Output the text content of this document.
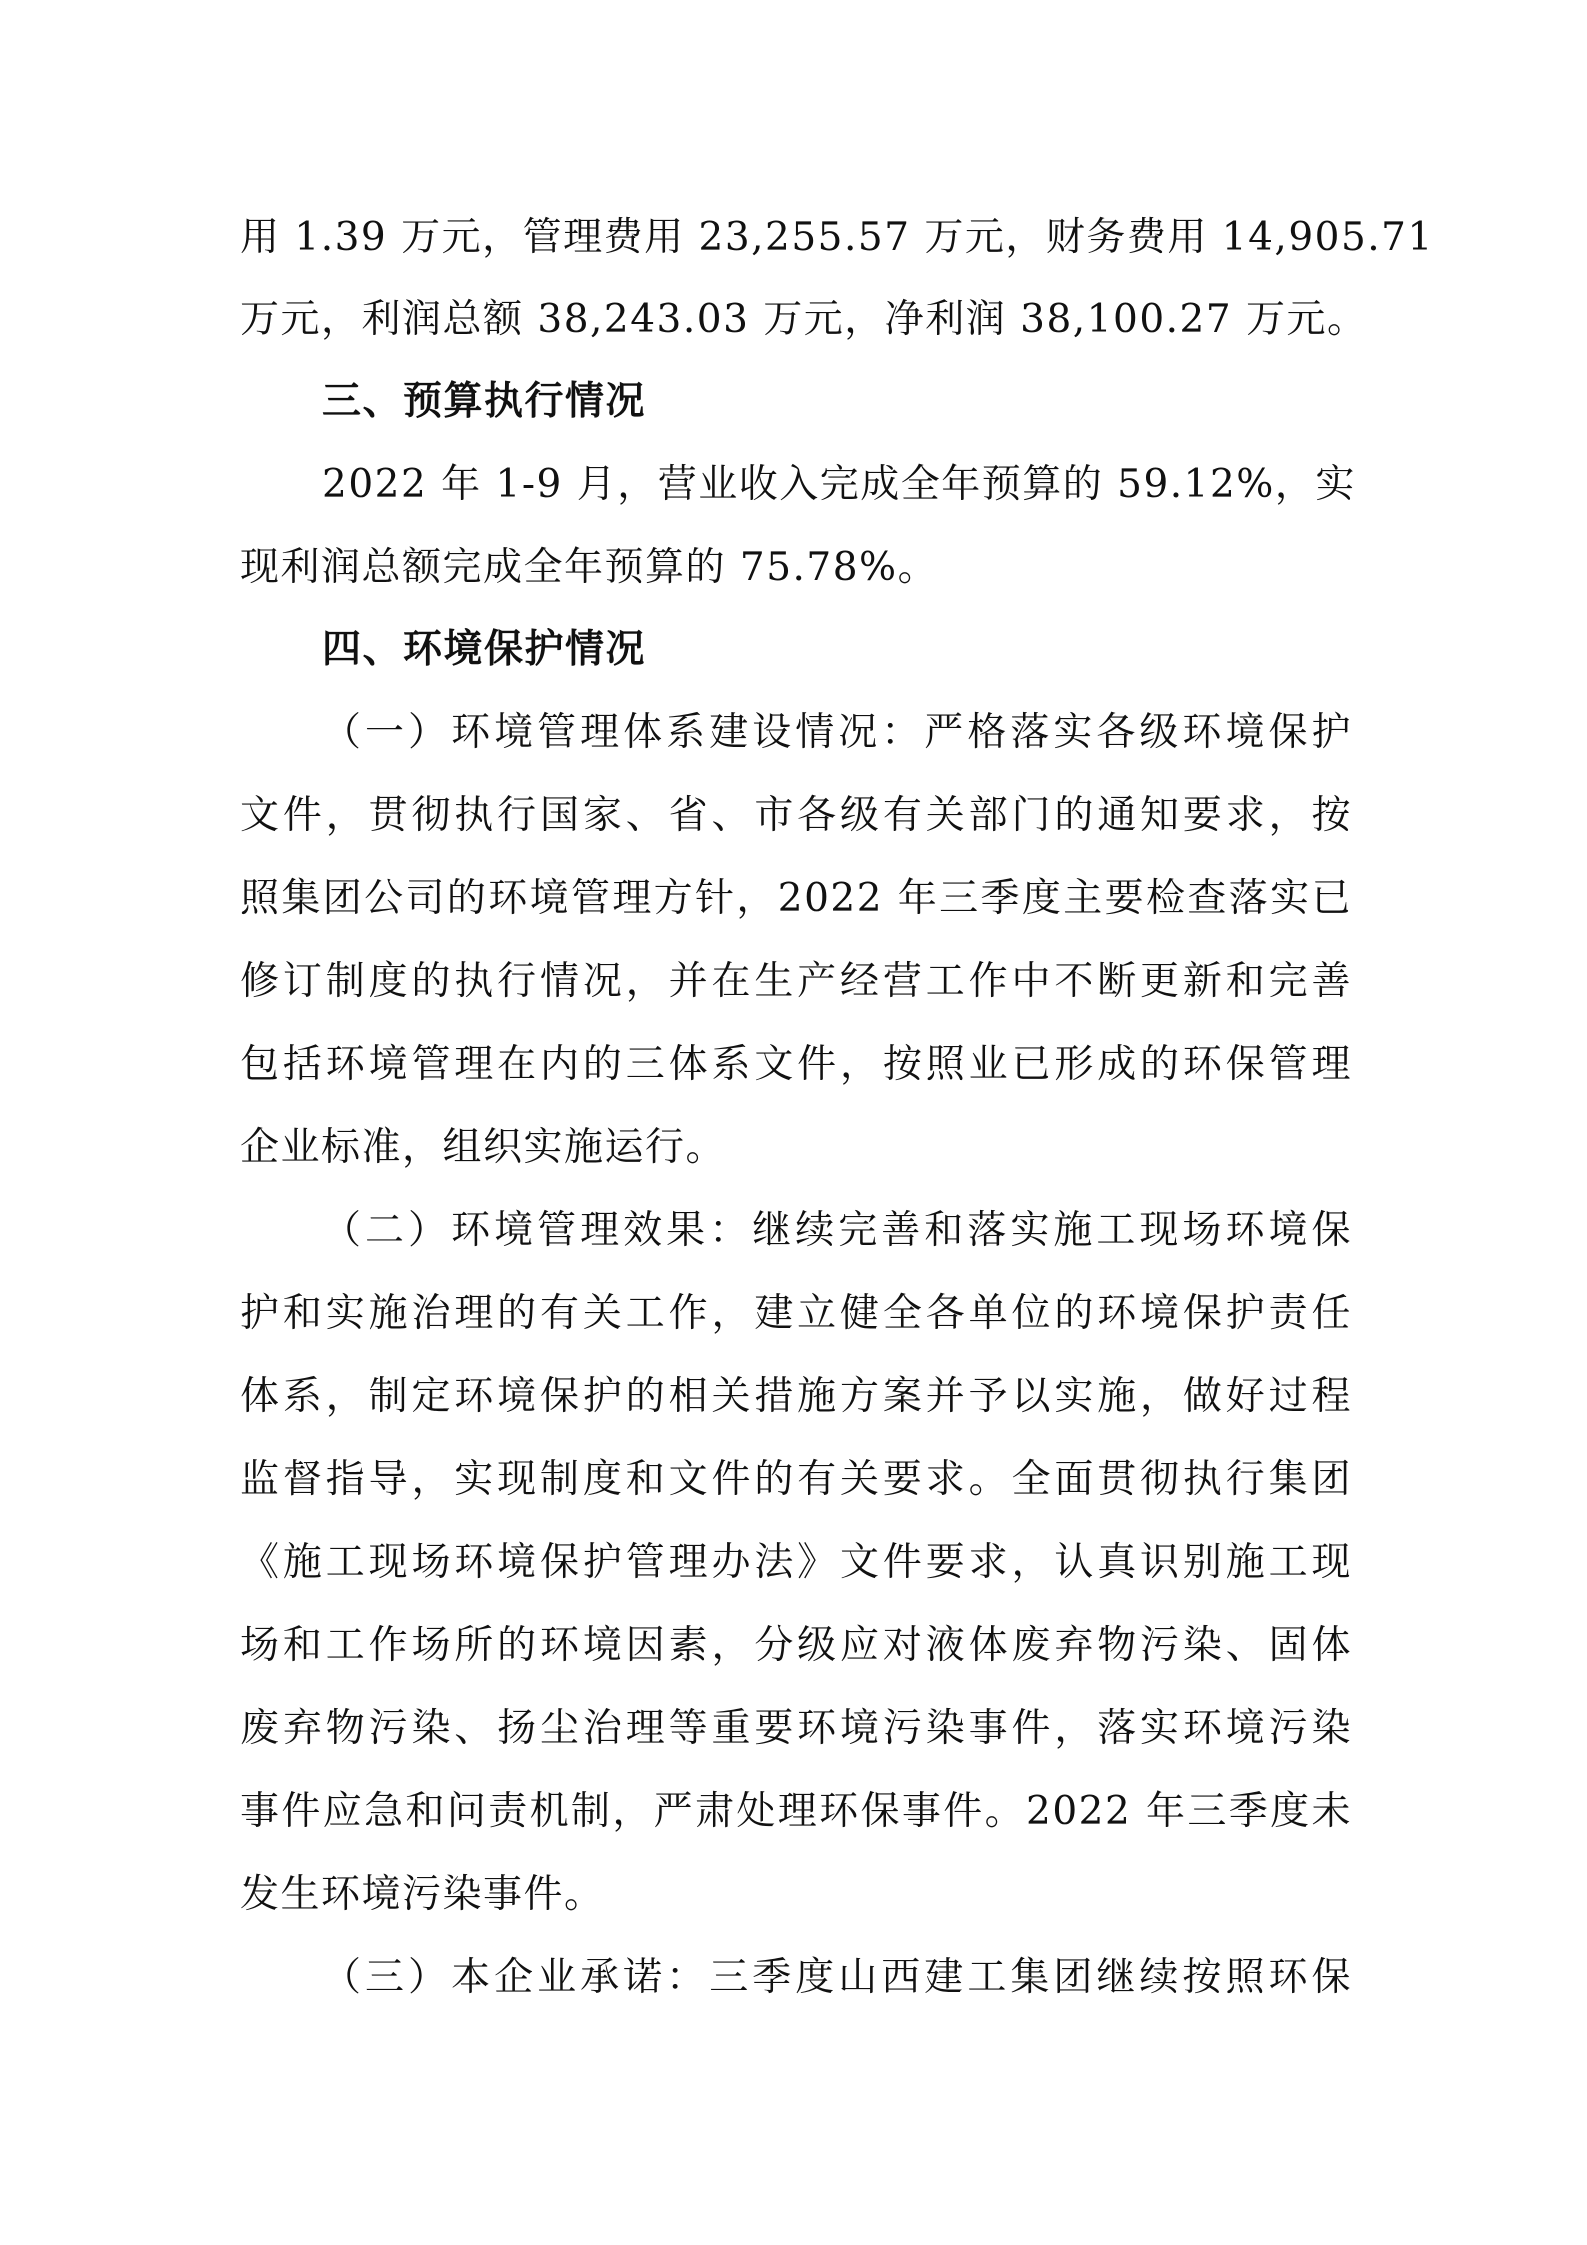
用 1.39 万元，管理费用 23,255.57 万元，财务费用 14,905.71
万元，利润总额 38,243.03 万元，净利润 38,100.27 万元。
三、预算执行情况
2022 年 1-9 月，营业收入完成全年预算的 59.12%，实
现利润总额完成全年预算的 75.78%。
四、环境保护情况
（一）环境管理体系建设情况：严格落实各级环境保护
文件，贯彻执行国家、省、市各级有关部门的通知要求，按
照集团公司的环境管理方针，2022 年三季度主要检查落实已
修订制度的执行情况，并在生产经营工作中不断更新和完善
包括环境管理在内的三体系文件，按照业已形成的环保管理
企业标准，组织实施运行。
（二）环境管理效果：继续完善和落实施工现场环境保
护和实施治理的有关工作，建立健全各单位的环境保护责任
体系，制定环境保护的相关措施方案并予以实施，做好过程
监督指导，实现制度和文件的有关要求。全面贯彻执行集团
《施工现场环境保护管理办法》文件要求，认真识别施工现
场和工作场所的环境因素，分级应对液体废弃物污染、固体
废弃物污染、扬尘治理等重要环境污染事件，落实环境污染
事件应急和问责机制，严肃处理环保事件。2022 年三季度未
发生环境污染事件。
（三）本企业承诺：三季度山西建工集团继续按照环保
